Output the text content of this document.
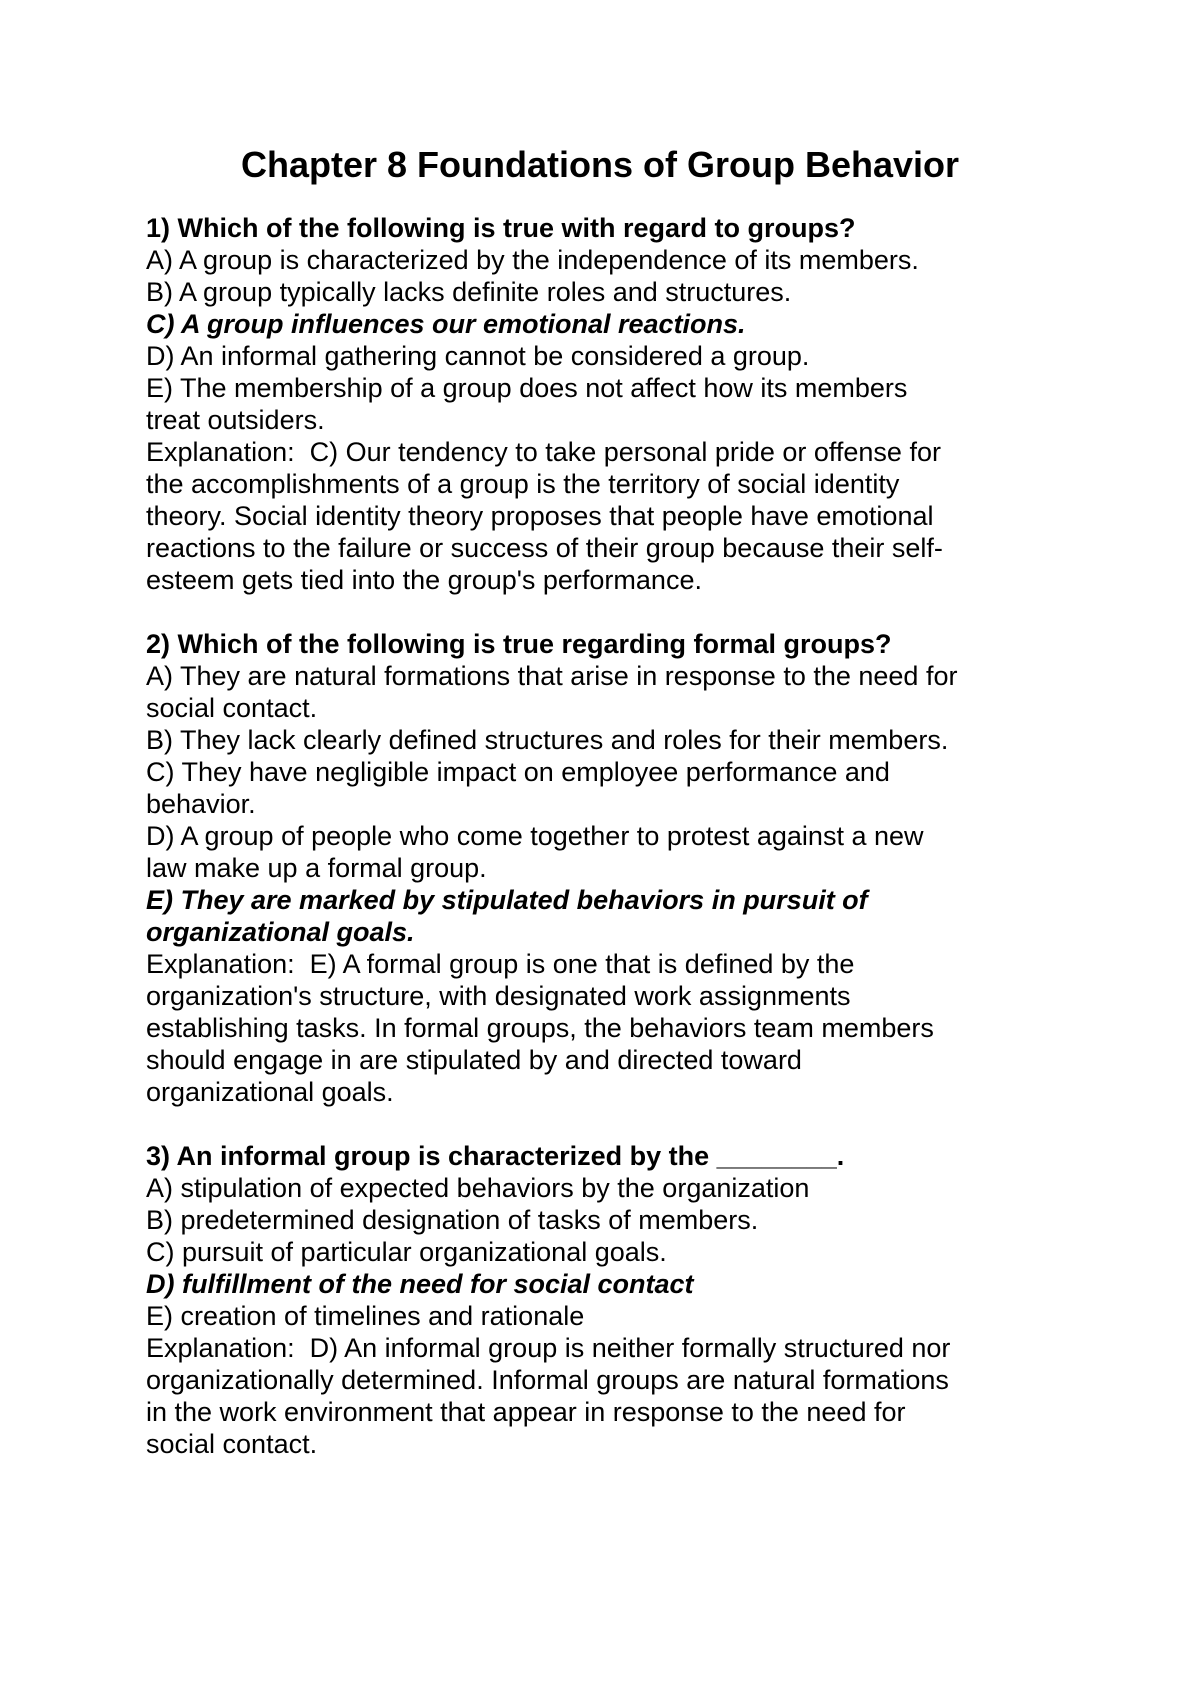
Chapter 8 Foundations of Group Behavior
1) Which of the following is true with regard to groups?
A) A group is characterized by the independence of its members.
B) A group typically lacks definite roles and structures.
C) A group influences our emotional reactions.
D) An informal gathering cannot be considered a group.
E) The membership of a group does not affect how its members
treat outsiders.
Explanation:  C) Our tendency to take personal pride or offense for
the accomplishments of a group is the territory of social identity
theory. Social identity theory proposes that people have emotional
reactions to the failure or success of their group because their self-
esteem gets tied into the group's performance.
2) Which of the following is true regarding formal groups?
A) They are natural formations that arise in response to the need for
social contact.
B) They lack clearly defined structures and roles for their members.
C) They have negligible impact on employee performance and
behavior.
D) A group of people who come together to protest against a new
law make up a formal group.
E) They are marked by stipulated behaviors in pursuit of
organizational goals.
Explanation:  E) A formal group is one that is defined by the
organization's structure, with designated work assignments
establishing tasks. In formal groups, the behaviors team members
should engage in are stipulated by and directed toward
organizational goals.
3) An informal group is characterized by the ________.
A) stipulation of expected behaviors by the organization
B) predetermined designation of tasks of members.
C) pursuit of particular organizational goals.
D) fulfillment of the need for social contact
E) creation of timelines and rationale
Explanation:  D) An informal group is neither formally structured nor
organizationally determined. Informal groups are natural formations
in the work environment that appear in response to the need for
social contact.
